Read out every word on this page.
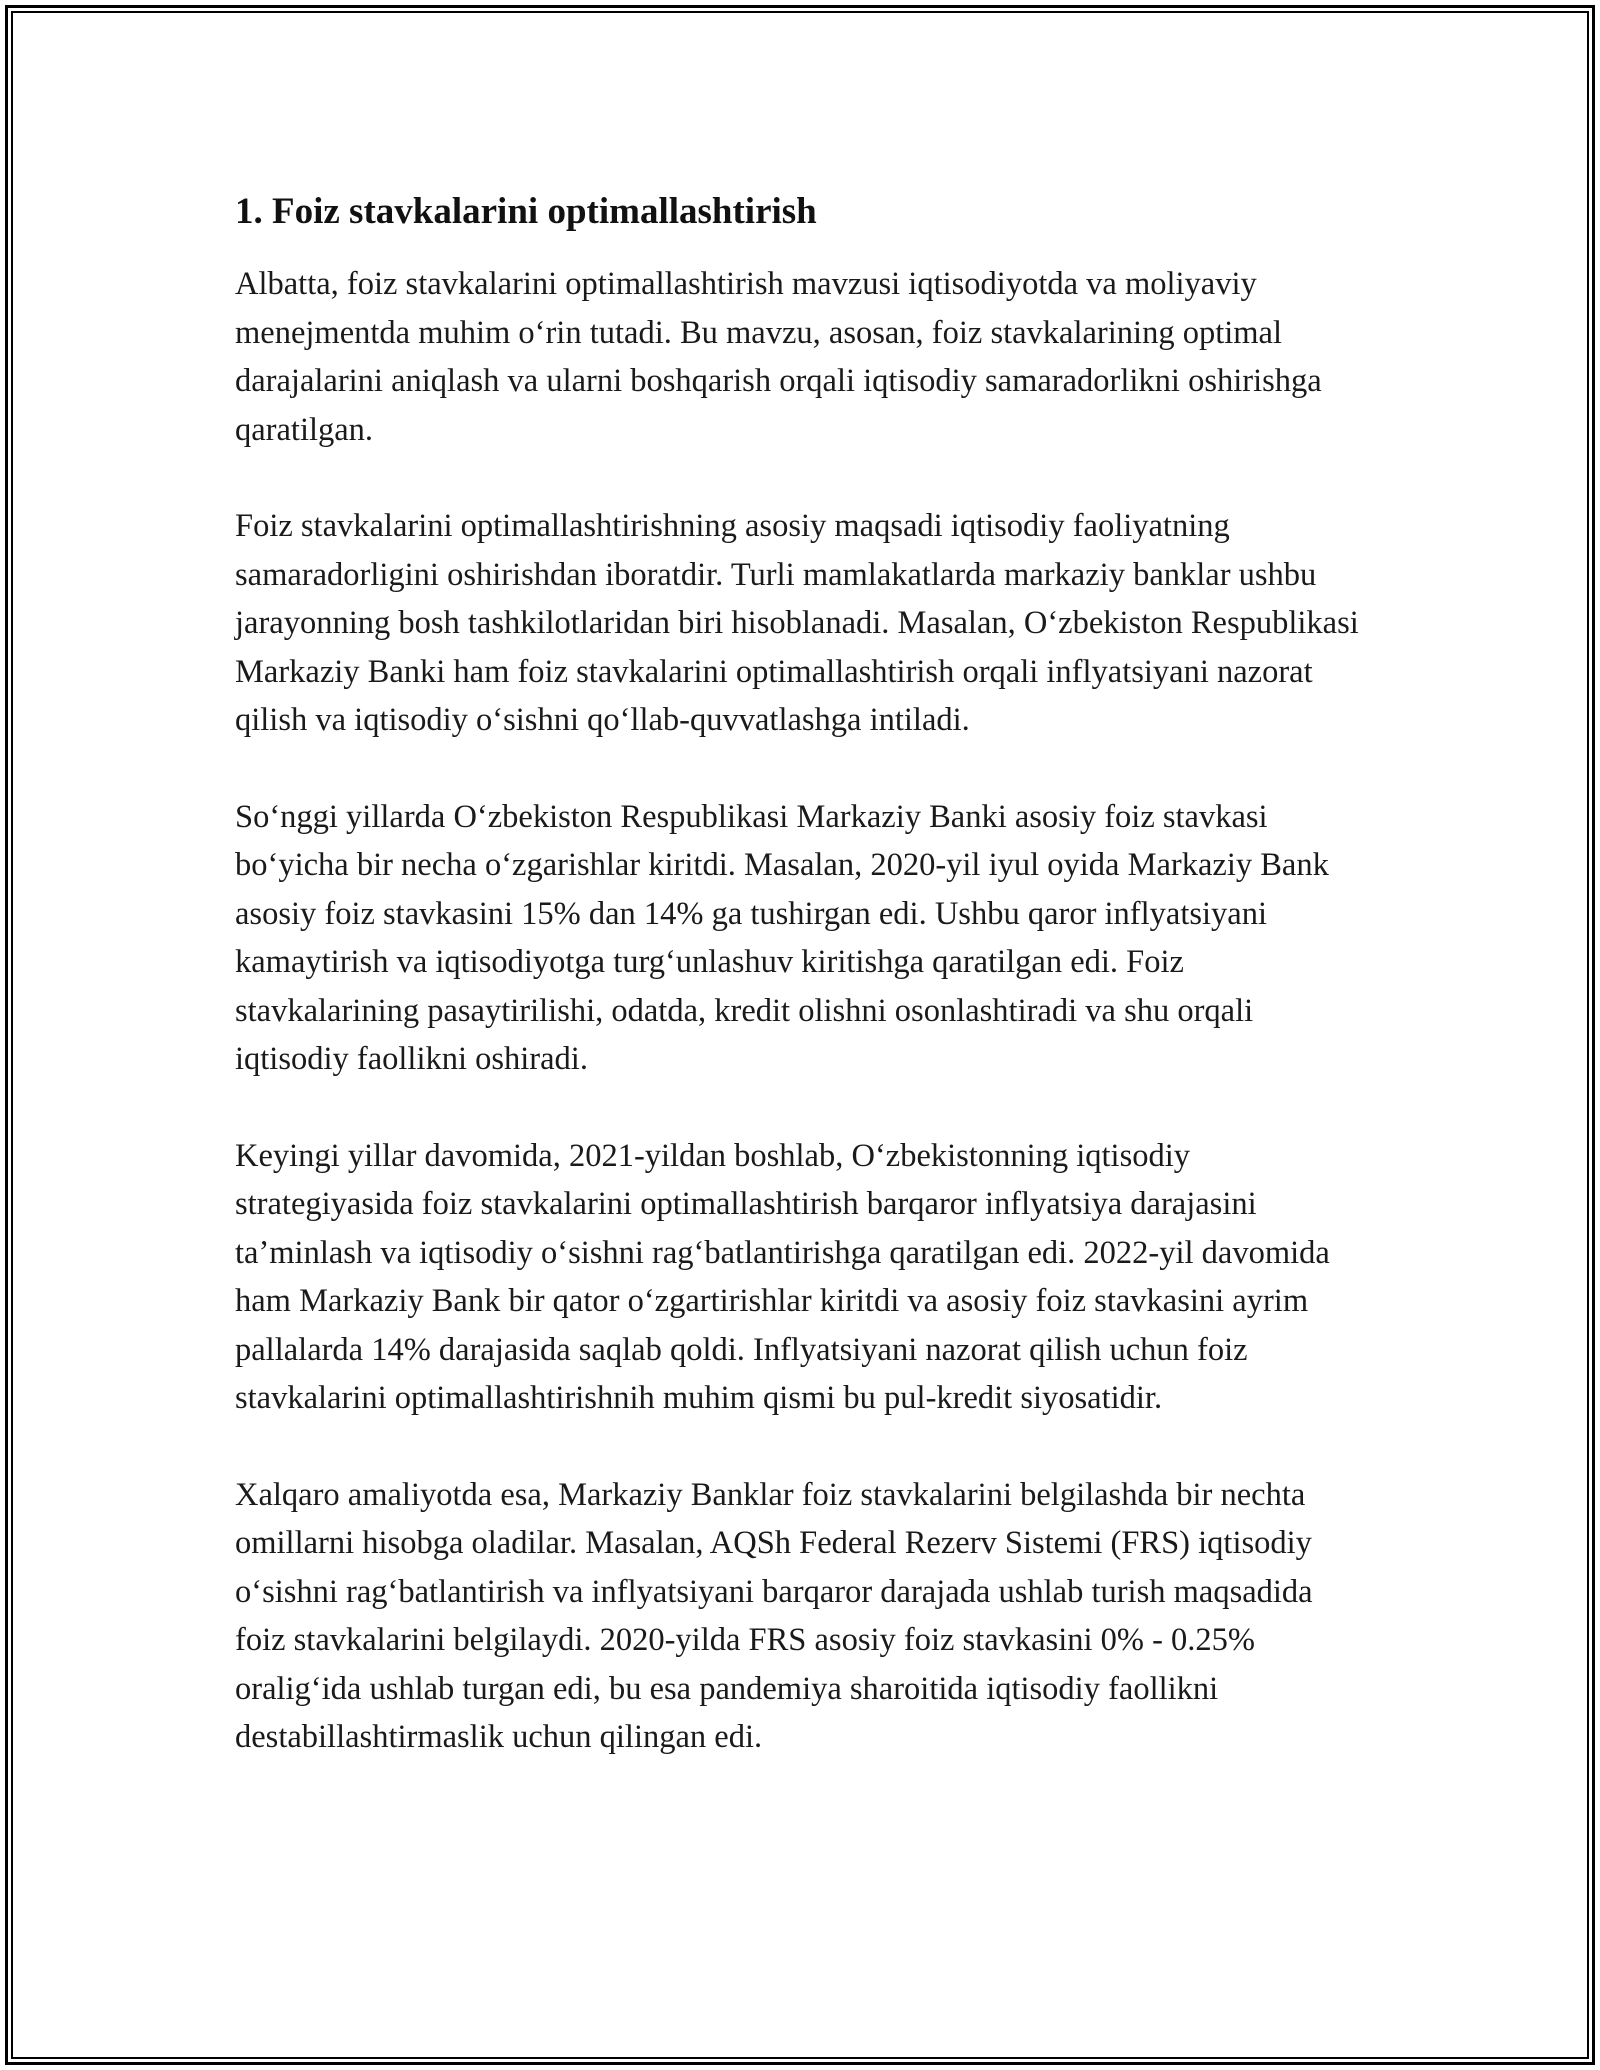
1. Foiz stavkalarini optimallashtirish

Albatta, foiz stavkalarini optimallashtirish mavzusi iqtisodiyotda va moliyaviy menejmentda muhim oʻrin tutadi. Bu mavzu, asosan, foiz stavkalarining optimal darajalarini aniqlash va ularni boshqarish orqali iqtisodiy samaradorlikni oshirishga qaratilgan.

Foiz stavkalarini optimallashtirishning asosiy maqsadi iqtisodiy faoliyatning samaradorligini oshirishdan iboratdir. Turli mamlakatlarda markaziy banklar ushbu jarayonning bosh tashkilotlaridan biri hisoblanadi. Masalan, Oʻzbekiston Respublikasi Markaziy Banki ham foiz stavkalarini optimallashtirish orqali inflyatsiyani nazorat qilish va iqtisodiy oʻsishni qoʻllab-quvvatlashga intiladi.

Soʻnggi yillarda Oʻzbekiston Respublikasi Markaziy Banki asosiy foiz stavkasi boʻyicha bir necha oʻzgarishlar kiritdi. Masalan, 2020-yil iyul oyida Markaziy Bank asosiy foiz stavkasini 15% dan 14% ga tushirgan edi. Ushbu qaror inflyatsiyani kamaytirish va iqtisodiyotga turgʻunlashuv kiritishga qaratilgan edi. Foiz stavkalarining pasaytirilishi, odatda, kredit olishni osonlashtiradi va shu orqali iqtisodiy faollikni oshiradi.

Keyingi yillar davomida, 2021-yildan boshlab, Oʻzbekistonning iqtisodiy strategiyasida foiz stavkalarini optimallashtirish barqaror inflyatsiya darajasini taʼminlash va iqtisodiy oʻsishni ragʻbatlantirishga qaratilgan edi. 2022-yil davomida ham Markaziy Bank bir qator oʻzgartirishlar kiritdi va asosiy foiz stavkasini ayrim pallalarda 14% darajasida saqlab qoldi. Inflyatsiyani nazorat qilish uchun foiz stavkalarini optimallashtirishnih muhim qismi bu pul-kredit siyosatidir.

Xalqaro amaliyotda esa, Markaziy Banklar foiz stavkalarini belgilashda bir nechta omillarni hisobga oladilar. Masalan, AQSh Federal Rezerv Sistemi (FRS) iqtisodiy oʻsishni ragʻbatlantirish va inflyatsiyani barqaror darajada ushlab turish maqsadida foiz stavkalarini belgilaydi. 2020-yilda FRS asosiy foiz stavkasini 0% - 0.25% oraligʻida ushlab turgan edi, bu esa pandemiya sharoitida iqtisodiy faollikni destabillashtirmaslik uchun qilingan edi.
